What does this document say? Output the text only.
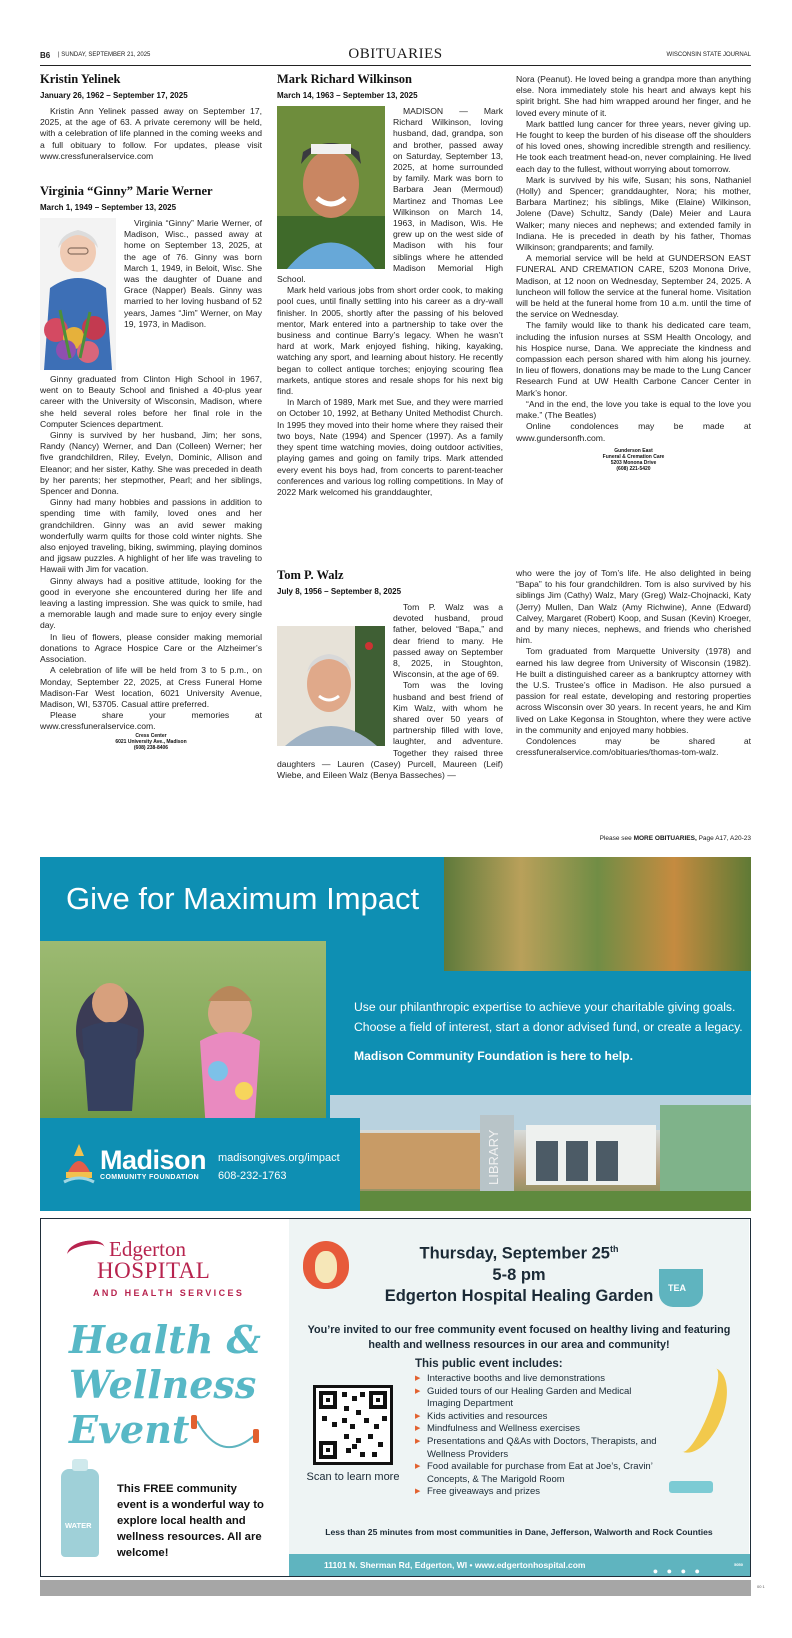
B6 | SUNDAY, SEPTEMBER 21, 2025	OBITUARIES	WISCONSIN STATE JOURNAL
Kristin Yelinek
January 26, 1962 – September 17, 2025

Kristin Ann Yelinek passed away on September 17, 2025, at the age of 63. A private ceremony will be held, with a celebration of life planned in the coming weeks and a full obituary to follow. For updates, please visit www.cressfuneralservice.com

Virginia “Ginny” Marie Werner
March 1, 1949 – September 13, 2025

Virginia “Ginny” Marie Werner, of Madison, Wisc., passed away at home on September 13, 2025, at the age of 76. Ginny was born March 1, 1949, in Beloit, Wisc. She was the daughter of Duane and Grace (Napper) Beals. Ginny was married to her loving husband of 52 years, James “Jim” Werner, on May 19, 1973, in Madison.

Ginny graduated from Clinton High School in 1967, went on to Beauty School and finished a 40-plus year career with the University of Wisconsin, Madison, where she held several roles before her final role in the Computer Sciences department.

Ginny is survived by her husband, Jim; her sons, Randy (Nancy) Werner, and Dan (Colleen) Werner; her five grandchildren, Riley, Evelyn, Dominic, Allison and Eleanor; and her sister, Kathy. She was preceded in death by her parents; her stepmother, Pearl; and her siblings, Spencer and Donna.

Ginny had many hobbies and passions in addition to spending time with family, loved ones and her grandchildren. Ginny was an avid sewer making wonderfully warm quilts for those cold winter nights. She also enjoyed traveling, biking, swimming, playing dominos and jigsaw puzzles. A highlight of her life was traveling to Hawaii with Jim for vacation.

Ginny always had a positive attitude, looking for the good in everyone she encountered during her life and leaving a lasting impression. She was quick to smile, had a memorable laugh and made sure to enjoy every single day.

In lieu of flowers, please consider making memorial donations to Agrace Hospice Care or the Alzheimer’s Association.

A celebration of life will be held from 3 to 5 p.m., on Monday, September 22, 2025, at Cress Funeral Home Madison-Far West location, 6021 University Avenue, Madison, WI, 53705. Casual attire preferred.

Please share your memories at www.cressfuneralservice.com.

Cress Center
6021 University Ave., Madison
(608) 238-8406
Mark Richard Wilkinson
March 14, 1963 – September 13, 2025

MADISON — Mark Richard Wilkinson, loving husband, dad, grandpa, son and brother, passed away on Saturday, September 13, 2025, at home surrounded by family. Mark was born to Barbara Jean (Mermoud) Martinez and Thomas Lee Wilkinson on March 14, 1963, in Madison, Wis. He grew up on the west side of Madison with his four siblings where he attended Madison Memorial High School.

Mark held various jobs from short order cook, to making pool cues, until finally settling into his career as a dry-wall finisher. In 2005, shortly after the passing of his beloved mentor, Mark entered into a partnership to take over the business and continue Barry’s legacy. When he wasn’t hard at work, Mark enjoyed fishing, hiking, kayaking, watching any sport, and learning about history. He recently began to collect antique torches; enjoying scouring flea markets, antique stores and resale shops for his next big find.

In March of 1989, Mark met Sue, and they were married on October 10, 1992, at Bethany United Methodist Church. In 1995 they moved into their home where they raised their two boys, Nate (1994) and Spencer (1997). As a family they spent time watching movies, doing outdoor activities, playing games and going on family trips. Mark attended every event his boys had, from concerts to parent-teacher conferences and various log rolling competitions. In May of 2022 Mark welcomed his granddaughter,

Nora (Peanut). He loved being a grandpa more than anything else. Nora immediately stole his heart and always kept his spirit bright. She had him wrapped around her finger, and he loved every minute of it.

Mark battled lung cancer for three years, never giving up. He fought to keep the burden of his disease off the shoulders of his loved ones, showing incredible strength and resiliency. He took each treatment head-on, never complaining. He lived each day to the fullest, without worrying about tomorrow.

Mark is survived by his wife, Susan; his sons, Nathaniel (Holly) and Spencer; granddaughter, Nora; his mother, Barbara Martinez; his siblings, Mike (Elaine) Wilkinson, Jolene (Dave) Schultz, Sandy (Dale) Meier and Laura Walker; many nieces and nephews; and extended family in Indiana. He is preceded in death by his father, Thomas Wilkinson; grandparents; and family.

A memorial service will be held at GUNDERSON EAST FUNERAL AND CREMATION CARE, 5203 Monona Drive, Madison, at 12 noon on Wednesday, September 24, 2025. A luncheon will follow the service at the funeral home. Visitation will be held at the funeral home from 10 a.m. until the time of the service on Wednesday.

The family would like to thank his dedicated care team, including the infusion nurses at SSM Health Oncology, and his Hospice nurse, Dana. We appreciate the kindness and compassion each person shared with him along his journey. In lieu of flowers, donations may be made to the Lung Cancer Research Fund at UW Health Carbone Cancer Center in Mark’s honor.

“And in the end, the love you take is equal to the love you make.” (The Beatles)

Online condolences may be made at www.gundersonfh.com.

Gunderson East
Funeral & Cremation Care
5203 Monona Drive
(608) 221-5420
Tom P. Walz
July 8, 1956 – September 8, 2025

Tom P. Walz was a devoted husband, proud father, beloved “Bapa,” and dear friend to many. He passed away on September 8, 2025, in Stoughton, Wisconsin, at the age of 69.

Tom was the loving husband and best friend of Kim Walz, with whom he shared over 50 years of partnership filled with love, laughter, and adventure. Together they raised three daughters — Lauren (Casey) Purcell, Maureen (Leif) Wiebe, and Eileen Walz (Benya Basseches) —

who were the joy of Tom’s life. He also delighted in being “Bapa” to his four grandchildren. Tom is also survived by his siblings Jim (Cathy) Walz, Mary (Greg) Walz-Chojnacki, Katy (Jerry) Mullen, Dan Walz (Amy Richwine), Anne (Edward) Calvey, Margaret (Robert) Koop, and Susan (Kevin) Kroeger, and by many nieces, nephews, and friends who cherished him.

Tom graduated from Marquette University (1978) and earned his law degree from University of Wisconsin (1982). He built a distinguished career as a bankruptcy attorney with the U.S. Trustee’s office in Madison. He also pursued a passion for real estate, developing and restoring properties across Wisconsin over 30 years. In recent years, he and Kim lived on Lake Kegonsa in Stoughton, where they were active in the community and enjoyed many hobbies.

Condolences may be shared at cressfuneralservice.com/obituaries/thomas-tom-walz.

Please see MORE OBITUARIES, Page A17, A20-23
Give for Maximum Impact
Use our philanthropic expertise to achieve your charitable giving goals.
Choose a field of interest, start a donor advised fund, or create a legacy.
Madison Community Foundation is here to help.
LIBRARY
Madison
COMMUNITY FOUNDATION
madisongives.org/impact
608-232-1763
Edgerton
HOSPITAL
AND HEALTH SERVICES
Health &
Wellness
Event
WATER
This FREE community event is a wonderful way to explore local health and wellness resources. All are welcome!
TEA
Thursday, September 25th
5-8 pm
Edgerton Hospital Healing Garden
You’re invited to our free community event focused on healthy living and featuring health and wellness resources in our area and community!
This public event includes:
▶ Interactive booths and live demonstrations
▶ Guided tours of our Healing Garden and Medical Imaging Department
▶ Kids activities and resources
▶ Mindfulness and Wellness exercises
▶ Presentations and Q&As with Doctors, Therapists, and Wellness Providers
▶ Food available for purchase from Eat at Joe’s, Cravin’ Concepts, & The Marigold Room
▶ Free giveaways and prizes
Scan to learn more
Less than 25 minutes from most communities in Dane, Jefferson, Walworth and Rock Counties
11101 N. Sherman Rd, Edgerton, WI • www.edgertonhospital.com
● ● ● ●
5050
00 1
